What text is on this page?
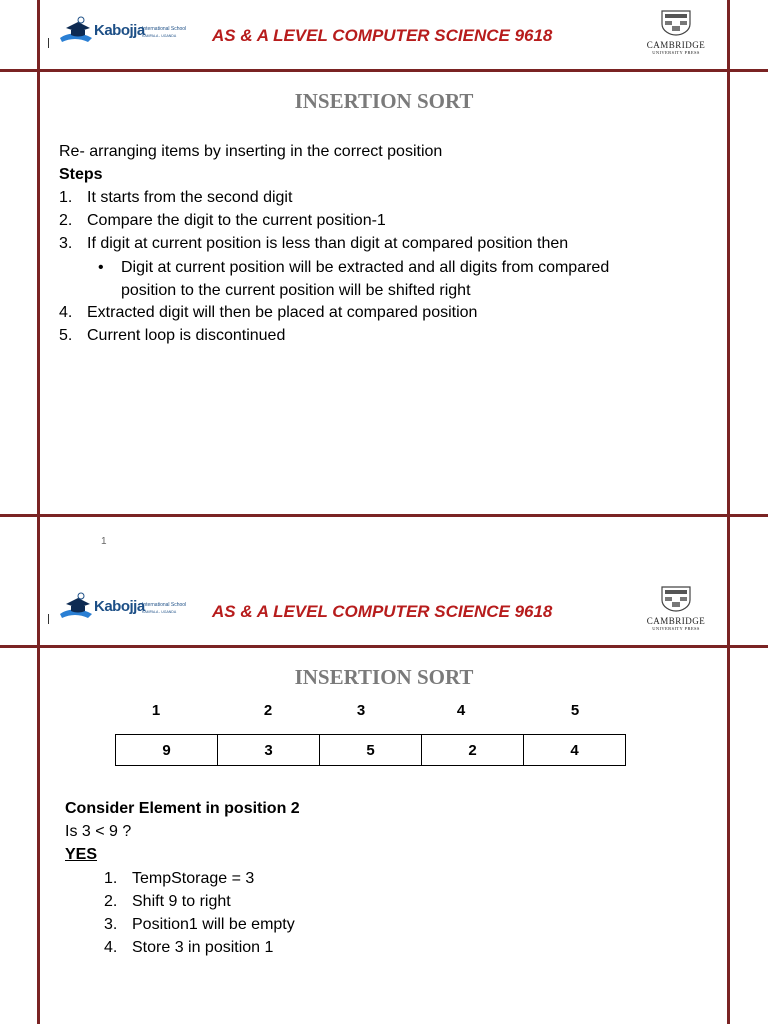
Kabojja
International School
KAMPALA - UGANDA AS & A LEVEL COMPUTER SCIENCE 9618	CAMBRIDGE
UNIVERSITY PRESS
INSERTION SORT
Re- arranging items by inserting in the correct position
Steps
1. It starts from the second digit
2. Compare the digit to the current position-1
3. If digit at current position is less than digit at compared position then
• Digit at current position will be extracted and all digits from compared
position to the current position will be shifted right
4. Extracted digit will then be placed at compared position
5. Current loop is discontinued
1
Kabojja
International School
KAMPALA - UGANDA AS & A LEVEL COMPUTER SCIENCE 9618	CAMBRIDGE
UNIVERSITY PRESS
INSERTION SORT
1	2	3	4	5
9	3	5	2	4
Consider Element in position 2
Is 3 < 9 ?
YES
1. TempStorage = 3
2. Shift 9 to right
3. Position1 will be empty
4. Store 3 in position 1
